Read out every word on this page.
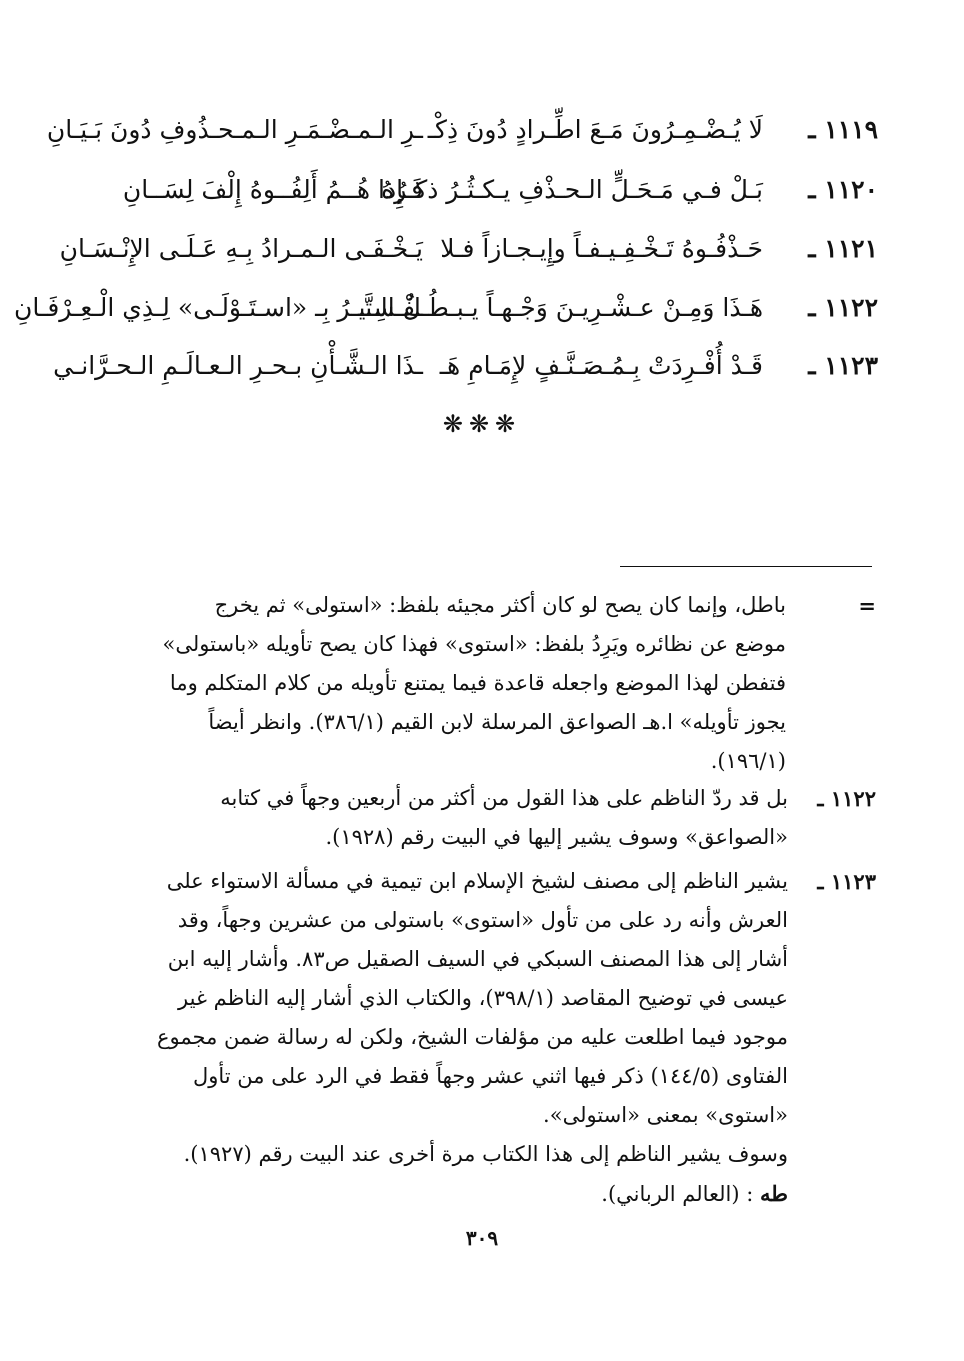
١١١٩ ـ
لَا يُـضْـمِـرُونَ مَـعَ اطِّـرادٍ دُونَ ذِكْـ
ـرِ الـمـضْـمَـرِ الـمـحـذُوفِ دُونَ بَـيَـانِ
١١٢٠ ـ
بَـلْ فـي مَـحَـلٍّ الـحـذْفِ يـكـثُـرُ ذكـرُهُ
فَـإِذا هُــمُ أَلِفُــوهُ إِلْفَ لِسَــانِ
١١٢١ ـ
حَـذْفُـوهُ تَـخْـفِـيـفـاً وإِيـجـازاً فـلا
يَـخْـفَـى الـمـرادُ بِـهِ عَـلَـى الإِنْـسَـانِ
١١٢٢ ـ
هَـذَا وَمِـنْ عـشْـرِيـنَ وَجْـهـاً يـبـطُـلُ الـتَّـ
ـفْـسِـيـرُ بِـ «اسـتَـوْلَـى» لِـذِي الْـعِـرْفَـانِ
١١٢٣ ـ
قَـدْ أُفْـرِدَتْ بِـمُـصَـنَّـفٍ لإِمَـامِ هَـ
ـذَا الـشَّـأْنِ بـحـرِ الـعـالَـمِ الـحـرَّانـي
❋❋❋
=
باطل، وإنما كان يصح لو كان أكثر مجيئه بلفظ: «استولى» ثم يخرج
موضع عن نظائره ويَرِدُ بلفظ: «استوى» فهذا كان يصح تأويله «باستولى»
فتفطن لهذا الموضع واجعله قاعدة فيما يمتنع تأويله من كلام المتكلم وما
يجوز تأويله» ا.هـ الصواعق المرسلة لابن القيم (٣٨٦/١). وانظر أيضاً
(١٩٦/١).
١١٢٢ ـ
بل قد ردّ الناظم على هذا القول من أكثر من أربعين وجهاً في كتابه
«الصواعق» وسوف يشير إليها في البيت رقم (١٩٢٨).
١١٢٣ ـ
يشير الناظم إلى مصنف لشيخ الإسلام ابن تيمية في مسألة الاستواء على
العرش وأنه رد على من تأول «استوى» باستولى من عشرين وجهاً، وقد
أشار إلى هذا المصنف السبكي في السيف الصقيل ص٨٣. وأشار إليه ابن
عيسى في توضيح المقاصد (٣٩٨/١)، والكتاب الذي أشار إليه الناظم غير
موجود فيما اطلعت عليه من مؤلفات الشيخ، ولكن له رسالة ضمن مجموع
الفتاوى (١٤٤/٥) ذكر فيها اثني عشر وجهاً فقط في الرد على من تأول
«استوى» بمعنى «استولى».
وسوف يشير الناظم إلى هذا الكتاب مرة أخرى عند البيت رقم (١٩٢٧).
طه : (العالم الرباني).
٣٠٩
